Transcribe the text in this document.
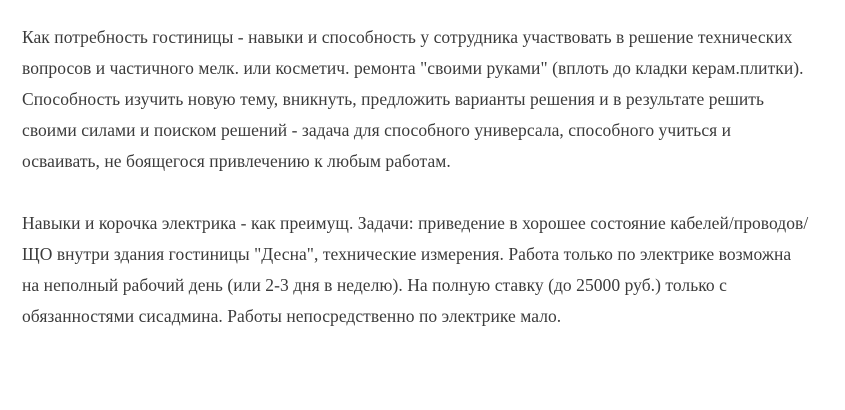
Как потребность гостиницы - навыки и способность у сотрудника участвовать в решение технических вопросов и частичного мелк. или косметич. ремонта "своими руками" (вплоть до кладки керам.плитки). Способность изучить новую тему, вникнуть, предложить варианты решения и в результате решить своими силами и поиском решений - задача для способного универсала, способного учиться и осваивать, не боящегося привлечению к любым работам.

Навыки и корочка электрика - как преимущ. Задачи: приведение в хорошее состояние кабелей/проводов/ЩО внутри здания гостиницы "Десна", технические измерения. Работа только по электрике возможна на неполный рабочий день (или 2-3 дня в неделю). На полную ставку (до 25000 руб.) только с обязанностями сисадмина. Работы непосредственно по электрике мало.
